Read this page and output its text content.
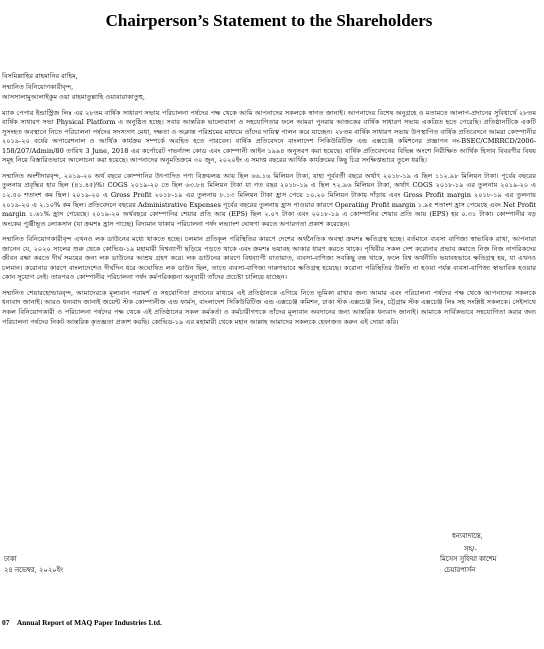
Chairperson’s Statement to the Shareholders

বিসমিল্লাহির রাহমানির রাহিম,

সম্মানিত বিনিয়োগকারীবৃন্দ,

আসসালামুআলাইকুম ওয়া রাহমাতুল্লাহি ওয়াবারাকাতুহু,

ম্যাক পেপার ইন্ডাস্ট্রিজ লিঃ এর ২৮তম বার্ষিক সাধারণ সভায় পরিচালনা পর্ষদের পক্ষ থেকে আমি আপনাদের সকলকে স্বাগত জানাই। আপনাদের বিশেষ অনুগ্রহে ও মতামতে আলাপ-প্রদানের সুবিধার্থে ২৮তম বার্ষিক সাধারণ সভা Physical Platform এ অনুষ্ঠিত হচ্ছে। সবার আন্তরিক ভালোবাসা ও সহযোগিতার ফলে আমরা পুনরায় আজকের বার্ষিক সাধারণ সভায় একত্রিত হতে পেরেছি। প্রতিষ্ঠানটিকে একটি সুসংহত অবস্থানে নিতে পরিচালনা পর্ষদের সদস্যগণ মেধা, দক্ষতা ও অক্লান্ত পরিশ্রমের মাধ্যমে তাঁদের দায়িত্ব পালন করে যাচ্ছেন। ২৮তম বার্ষিক সাধারণ সভায় উপস্থাপিত বার্ষিক প্রতিবেদনে আমরা কোম্পানীর ২০১৯-২০ বর্ষের অপারেশনাল ও আর্থিক কার্যক্রম সম্পর্কে অবহিত হতে পারবেন। বার্ষিক প্রতিবেদনে বাংলাদেশ সিকিউরিটিজ এন্ড এক্সচেঞ্জ কমিশনের প্রজ্ঞাপন নং-BSEC/CMRRCD/2006-158/207/Admin/80 তারিখ 3 June, 2018 এর কর্পোরেট গভর্ন্যান্স কোড এবং কোম্পানী আইন ১৯৯৪ অনুসরণ করা হয়েছে। বার্ষিক প্রতিবেদনের বিভিন্ন অংশে নিরীক্ষিত আর্থিক হিসাব বিবরণীর বিষয় সমূহ নিয়ে বিস্তারিতভাবে আলোচনা করা হয়েছে। আপনাদের অনুমতিক্রমে ৩০ জুন, ২০২০ইং এ সমাপ্ত বছরের আর্থিক কার্যক্রমের কিছু চিত্র সংক্ষিপ্তভাবে তুলে ধরছি।

সম্মানিত অংশীদারবৃন্দ, ২০১৯-২০ অর্থ বছরে কোম্পানির উৎপাদিত পণ্য বিক্রয়লব্ধ আয় ছিল ৬৬.১৬ মিলিয়ন টাকা, যাহা পূর্ববর্তী বছরে অর্থাৎ ২০১৮-১৯ এ ছিল ১১২.৯৮ মিলিয়ন টাকা। পূর্বের বছরের তুলনায় প্রবৃদ্ধির হার ছিল (৪১.৪৫)%। COGS ২০১৯-২০ তে ছিল ৬৩.৮৪ মিলিয়ন টাকা যা গত বছর ২০১৮-১৯ এ ছিল ৭২.৯৬ মিলিয়ন টাকা, অর্থাৎ COGS ২০১৮-১৯ এর তুলনায় ২০১৯-২০ এ ১২.৫০ শতাংশ কম ছিল। ২০১৯-২০ এ Gross Profit ২০১৮-১৯ এর তুলনায় ৮.১৩ মিলিয়ন টাকা হ্রাস পেয়ে ১০.২০ মিলিয়ন টাকায় দাঁড়ায় এবং Gross Profit margin ২০১৮-১৯ এর তুলনায় ২০১৯-২০ এ ২.১০% কম ছিল। প্রতিবেদনে বছরের Administrative Expenses পূর্বের বছরের তুলনায় হ্রাস পাওয়ার কারণে Operating Profit margin ১.৯৫ শতাংশ হ্রাস পেয়েছে এবং Net Profit margin ১.৬১% হ্রাস পেয়েছে। ২০১৯-২০ অর্থবছরে কোম্পানির শেয়ার প্রতি আয় (EPS) ছিল ২.০৭ টাকা এবং ২০১৮-১৯ এ কোম্পানির শেয়ার প্রতি আয় (EPS) হয় ০.৩১ টাকা। কোম্পানীর বড় অংকের পুঞ্জীভূত লোকসান (যা ক্রমশঃ হ্রাস পাচ্ছে) বিদ্যমান থাকায় পরিচালনা পর্ষদ লভ্যাংশ ঘোষণা করতে অপারগতা প্রকাশ করেছেন।

সম্মানিত বিনিয়োগকারীবৃন্দ এখনও লক ডাউনের মধ্যে থাকতে হচ্ছে। চলমান প্রতিকূল পরিস্থিতির কারণে দেশের অর্থনৈতিক অবস্থা ক্রমশঃ ক্ষতিগ্রস্থ হচ্ছে। বর্তমানে ব্যবসা বাণিজ্য স্বাভাবিক রাখা, আপনারা জানেন যে, ২০২০ সালের শুরু থেকে কোভিড-১৯ মহামারী বিশ্বব্যাপী ছড়িয়ে পড়তে থাকে এবং ক্রমশঃ ভয়াবহ আকার ধারণ করতে থাকে। পৃথিবীর সকল দেশ করোনার প্রভাব কমাতে নিজ নিজ নাগরিকদের জীবন রক্ষা করতে দীর্ঘ সময়ের জন্য লক ডাউনের আশ্রয় গ্রহণ করে। লক ডাউনের কারণে বিশ্বব্যাপী যাতায়াত, ব্যবসা-বাণিজ্য সবকিছু বন্ধ থাকে, ফলে বিশ্ব অর্থনীতি ভয়াবহভাবে ক্ষতিগ্রস্থ হয়, যা এখনও চলমান। করোনার কারণে বাংলাদেশেও দীর্ঘদিন ধরে অঘোষিত লক ডাউন ছিল, তাতে ব্যবসা-বাণিজ্য দারুণভাবে ক্ষতিগ্রস্থ হয়েছে। করোনা পরিস্থিতির উন্নতি না হওয়া পর্যন্ত ব্যবসা-বাণিজ্য স্বাভাবিক হওয়ার কোন সুযোগ নেই। তারপরও কোম্পানীর পরিচালনা পর্ষদ কর্মপরিকল্পনা অনুযায়ী তাঁদের প্রচেষ্টা চালিয়ে যাচ্ছেন।

সম্মানিত শেয়ারহোল্ডারবৃন্দ, আমাদেরকে মূল্যবান পরামর্শ ও সহযোগিতা প্রদানের মাধ্যমে এই প্রতিষ্ঠানকে এগিয়ে নিতে ভূমিকা রাখার জন্য আমার এবং পরিচালনা পর্ষদের পক্ষ থেকে আপনাদের সকলকে ধন্যবাদ জানাই। আরও ধন্যবাদ জানাই জয়েন্ট স্টক কোম্পানীজ এন্ড ফার্মস, বাংলাদেশ সিকিউরিটিজ এন্ড এক্সচেঞ্জ কমিশন, ঢাকা স্টক এক্সচেঞ্জ লিঃ, চট্টগ্রাম স্টক এক্সচেঞ্জ লিঃ সহ সংশ্লিষ্ট সকলকে। সেইসাথে সকল বিনিয়োগকারী ও পরিচালনা পর্ষদের পক্ষ থেকে এই প্রতিষ্ঠানের সকল কর্মকর্তা ও কর্মচারীগণকে তাঁদের মূল্যবান অবদানের জন্য আন্তরিক ধন্যবাদ জানাই। আমাকে সার্বিকভাবে সহযোগিতা করার জন্য পরিচালনা পর্ষদের নিকট আন্তরিক কৃতজ্ঞতা প্রকাশ করছি। কোভিড-১৯ এর মহামারী থেকে মহান আল্লাহ আমাদের সকলকে হেফাজত করুন এই দোয়া করি।

ধন্যবাদান্তে,
সহ/-
ঢাকা	মিসেস সুফিয়া কাশেম
২৪ নভেম্বর, ২০২০ইং	চেয়ারপার্সন
07 Annual Report of MAQ Paper Industries Ltd.
